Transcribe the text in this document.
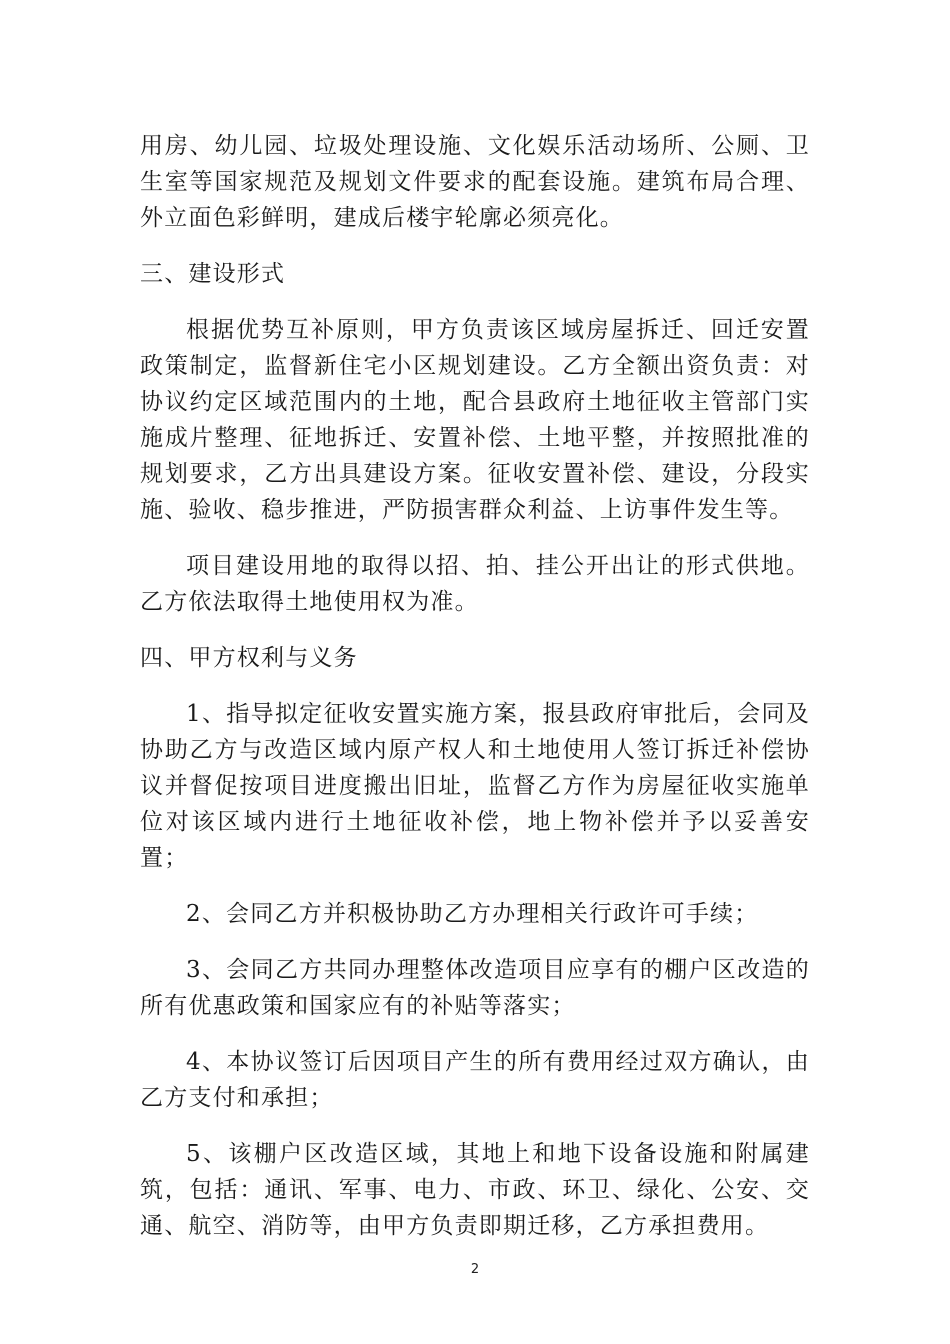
用房、幼儿园、垃圾处理设施、文化娱乐活动场所、公厕、卫生室等国家规范及规划文件要求的配套设施。建筑布局合理、外立面色彩鲜明，建成后楼宇轮廓必须亮化。

三、建设形式

根据优势互补原则，甲方负责该区域房屋拆迁、回迁安置政策制定，监督新住宅小区规划建设。乙方全额出资负责：对协议约定区域范围内的土地，配合县政府土地征收主管部门实施成片整理、征地拆迁、安置补偿、土地平整，并按照批准的规划要求，乙方出具建设方案。征收安置补偿、建设，分段实施、验收、稳步推进，严防损害群众利益、上访事件发生等。

项目建设用地的取得以招、拍、挂公开出让的形式供地。乙方依法取得土地使用权为准。

四、甲方权利与义务

1、指导拟定征收安置实施方案，报县政府审批后，会同及协助乙方与改造区域内原产权人和土地使用人签订拆迁补偿协议并督促按项目进度搬出旧址，监督乙方作为房屋征收实施单位对该区域内进行土地征收补偿，地上物补偿并予以妥善安置；

2、会同乙方并积极协助乙方办理相关行政许可手续；

3、会同乙方共同办理整体改造项目应享有的棚户区改造的所有优惠政策和国家应有的补贴等落实；

4、本协议签订后因项目产生的所有费用经过双方确认，由乙方支付和承担；

5、该棚户区改造区域，其地上和地下设备设施和附属建筑，包括：通讯、军事、电力、市政、环卫、绿化、公安、交通、航空、消防等，由甲方负责即期迁移，乙方承担费用。

2
